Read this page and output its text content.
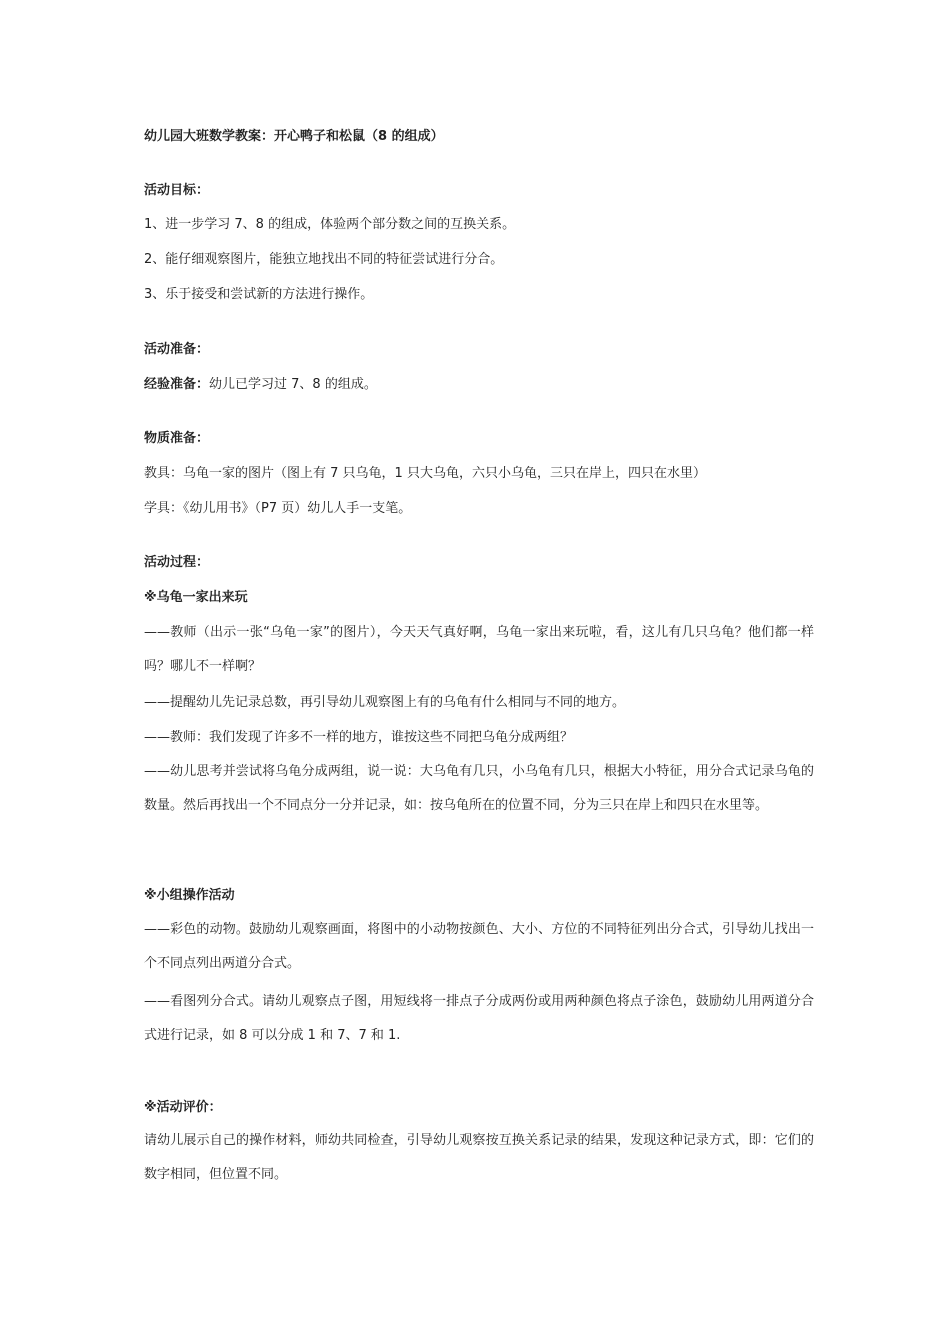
幼儿园大班数学教案：开心鸭子和松鼠（8 的组成）
活动目标：
1、进一步学习 7、8 的组成，体验两个部分数之间的互换关系。
2、能仔细观察图片，能独立地找出不同的特征尝试进行分合。
3、乐于接受和尝试新的方法进行操作。
活动准备：
经验准备：幼儿已学习过 7、8 的组成。
物质准备：
教具：乌龟一家的图片（图上有 7 只乌龟，1 只大乌龟，六只小乌龟，三只在岸上，四只在水里）
学具：《幼儿用书》（P7 页）幼儿人手一支笔。
活动过程：
※乌龟一家出来玩
——教师（出示一张“乌龟一家”的图片），今天天气真好啊，乌龟一家出来玩啦，看，这儿有几只乌龟？他们都一样吗？哪儿不一样啊？
——提醒幼儿先记录总数，再引导幼儿观察图上有的乌龟有什么相同与不同的地方。
——教师：我们发现了许多不一样的地方，谁按这些不同把乌龟分成两组？
——幼儿思考并尝试将乌龟分成两组，说一说：大乌龟有几只，小乌龟有几只，根据大小特征，用分合式记录乌龟的数量。然后再找出一个不同点分一分并记录，如：按乌龟所在的位置不同，分为三只在岸上和四只在水里等。
※小组操作活动
——彩色的动物。鼓励幼儿观察画面，将图中的小动物按颜色、大小、方位的不同特征列出分合式，引导幼儿找出一个不同点列出两道分合式。
——看图列分合式。请幼儿观察点子图，用短线将一排点子分成两份或用两种颜色将点子涂色，鼓励幼儿用两道分合式进行记录，如 8 可以分成 1 和 7、7 和 1.
※活动评价：
请幼儿展示自己的操作材料，师幼共同检查，引导幼儿观察按互换关系记录的结果，发现这种记录方式，即：它们的数字相同，但位置不同。
